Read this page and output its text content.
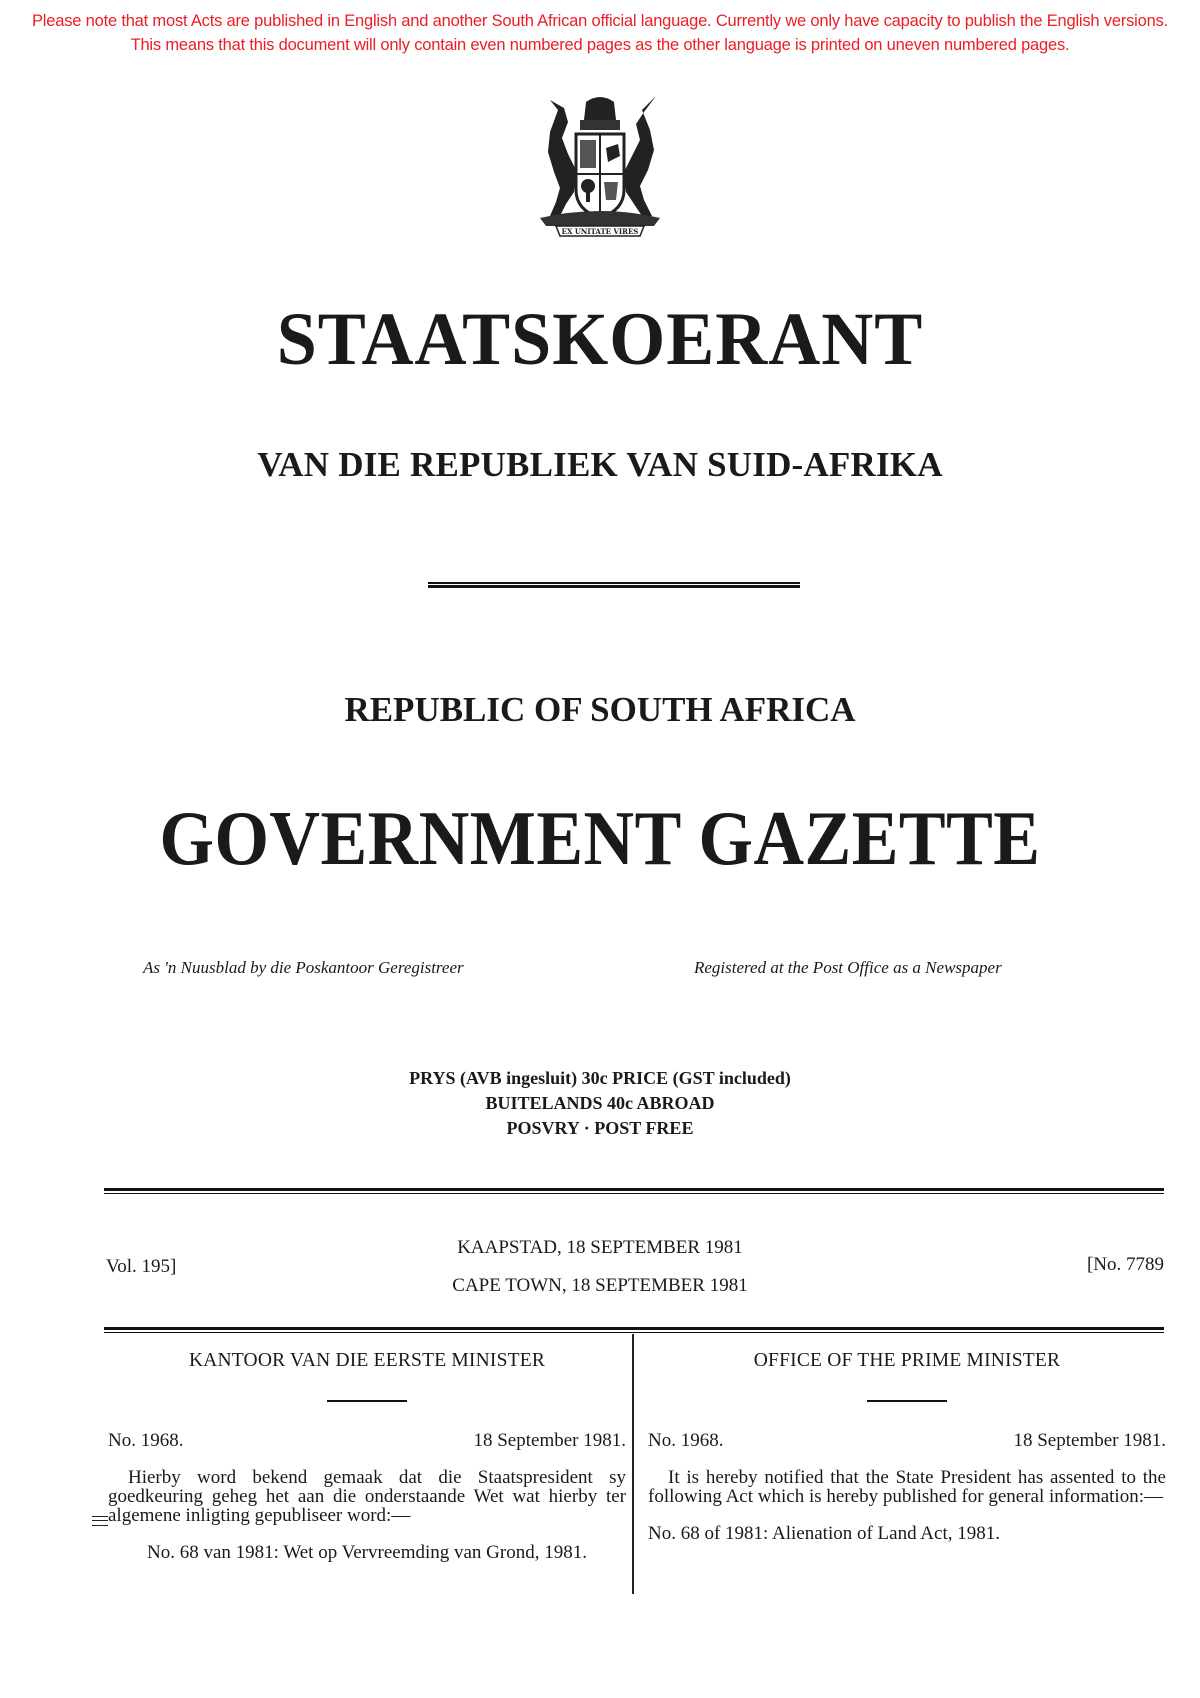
Please note that most Acts are published in English and another South African official language. Currently we only have capacity to publish the English versions. This means that this document will only contain even numbered pages as the other language is printed on uneven numbered pages.
EX UNITATE VIRES
STAATSKOERANT
VAN DIE REPUBLIEK VAN SUID-AFRIKA
REPUBLIC OF SOUTH AFRICA
GOVERNMENT GAZETTE
As 'n Nuusblad by die Poskantoor Geregistreer	Registered at the Post Office as a Newspaper
PRYS (AVB ingesluit) 30c PRICE (GST included)
BUITELANDS 40c ABROAD
POSVRY · POST FREE
Vol. 195]
KAAPSTAD, 18 SEPTEMBER 1981
CAPE TOWN, 18 SEPTEMBER 1981
[No. 7789
KANTOOR VAN DIE EERSTE MINISTER
No. 1968.	18 September 1981.
Hierby word bekend gemaak dat die Staatspresident sy goedkeuring geheg het aan die onderstaande Wet wat hierby ter algemene inligting gepubliseer word:—
No. 68 van 1981: Wet op Vervreemding van Grond, 1981.
OFFICE OF THE PRIME MINISTER
No. 1968.	18 September 1981.
It is hereby notified that the State President has assented to the following Act which is hereby published for general information:—
No. 68 of 1981: Alienation of Land Act, 1981.
